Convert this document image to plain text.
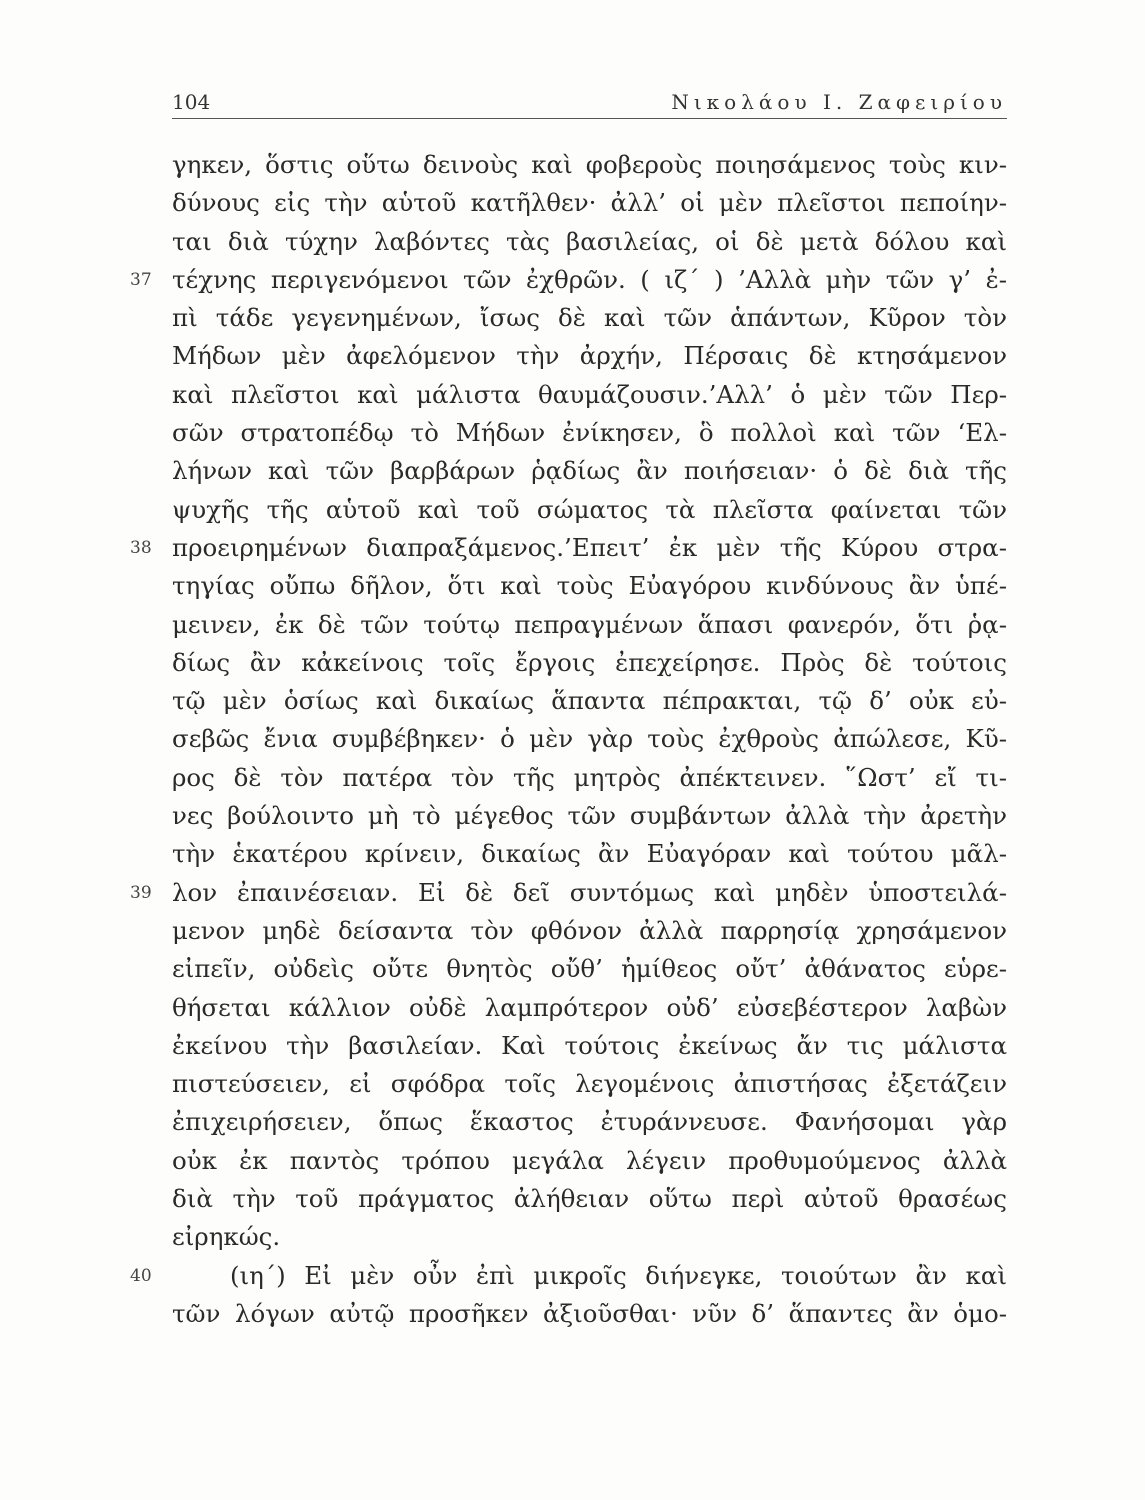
104	Νικολάου Ι. Ζαφειρίου
γηκεν, ὅστις οὕτω δεινοὺς καὶ φοβεροὺς ποιησάμενος τοὺς κιν-
δύνους εἰς τὴν αὑτοῦ κατῆλθεν· ἀλλ’ οἱ μὲν πλεῖστοι πεποίην-
ται διὰ τύχην λαβόντες τὰς βασιλείας, οἱ δὲ μετὰ δόλου καὶ
37 τέχνης περιγενόμενοι τῶν ἐχθρῶν. ( ιζ΄ ) ’Αλλὰ μὴν τῶν γ’ ἐ-
πὶ τάδε γεγενημένων, ἴσως δὲ καὶ τῶν ἁπάντων, Κῦρον τὸν
Μήδων μὲν ἀφελόμενον τὴν ἀρχήν, Πέρσαις δὲ κτησάμενον
καὶ πλεῖστοι καὶ μάλιστα θαυμάζουσιν.’Αλλ’ ὁ μὲν τῶν Περ-
σῶν στρατοπέδῳ τὸ Μήδων ἐνίκησεν, ὃ πολλοὶ καὶ τῶν ‘Ελ-
λήνων καὶ τῶν βαρβάρων ῥᾳδίως ἂν ποιήσειαν· ὁ δὲ διὰ τῆς
ψυχῆς τῆς αὑτοῦ καὶ τοῦ σώματος τὰ πλεῖστα φαίνεται τῶν
38 προειρημένων διαπραξάμενος.’Επειτ’ ἐκ μὲν τῆς Κύρου στρα-
τηγίας οὔπω δῆλον, ὅτι καὶ τοὺς Εὐαγόρου κινδύνους ἂν ὑπέ-
μεινεν, ἐκ δὲ τῶν τούτῳ πεπραγμένων ἅπασι φανερόν, ὅτι ῥᾳ-
δίως ἂν κἀκείνοις τοῖς ἔργοις ἐπεχείρησε. Πρὸς δὲ τούτοις
τῷ μὲν ὁσίως καὶ δικαίως ἅπαντα πέπρακται, τῷ δ’ οὐκ εὐ-
σεβῶς ἔνια συμβέβηκεν· ὁ μὲν γὰρ τοὺς ἐχθροὺς ἀπώλεσε, Κῦ-
ρος δὲ τὸν πατέρα τὸν τῆς μητρὸς ἀπέκτεινεν. ῞Ωστ’ εἴ τι-
νες βούλοιντο μὴ τὸ μέγεθος τῶν συμβάντων ἀλλὰ τὴν ἀρετὴν
τὴν ἑκατέρου κρίνειν, δικαίως ἂν Εὐαγόραν καὶ τούτου μᾶλ-
39 λον ἐπαινέσειαν. Εἰ δὲ δεῖ συντόμως καὶ μηδὲν ὑποστειλά-
μενον μηδὲ δείσαντα τὸν φθόνον ἀλλὰ παρρησίᾳ χρησάμενον
εἰπεῖν, οὐδεὶς οὔτε θνητὸς οὔθ’ ἡμίθεος οὔτ’ ἀθάνατος εὑρε-
θήσεται κάλλιον οὐδὲ λαμπρότερον οὐδ’ εὐσεβέστερον λαβὼν
ἐκείνου τὴν βασιλείαν. Καὶ τούτοις ἐκείνως ἄν τις μάλιστα
πιστεύσειεν, εἰ σφόδρα τοῖς λεγομένοις ἀπιστήσας ἐξετάζειν
ἐπιχειρήσειεν, ὅπως ἕκαστος ἐτυράννευσε. Φανήσομαι γὰρ
οὐκ ἐκ παντὸς τρόπου μεγάλα λέγειν προθυμούμενος ἀλλὰ
διὰ τὴν τοῦ πράγματος ἀλήθειαν οὕτω περὶ αὐτοῦ θρασέως
εἰρηκώς.
40	(ιη΄) Εἰ μὲν οὖν ἐπὶ μικροῖς διήνεγκε, τοιούτων ἂν καὶ
τῶν λόγων αὐτῷ προσῆκεν ἀξιοῦσθαι· νῦν δ’ ἅπαντες ἂν ὁμο-
